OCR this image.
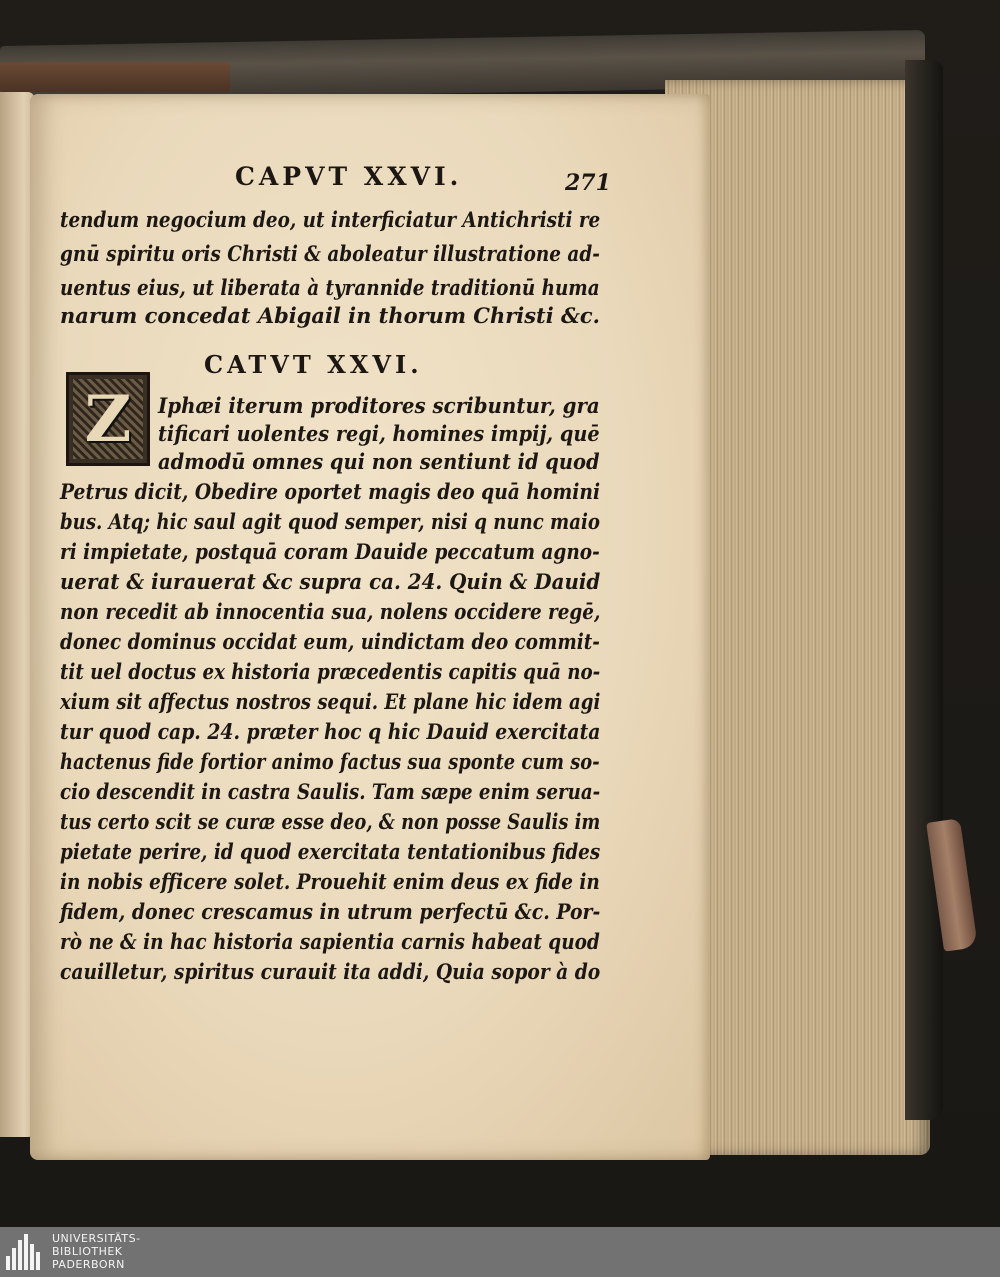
CAPVT XXVI.	271
tendum negocium deo, ut interficiatur Antichristi re
gnū spiritu oris Christi & aboleatur illustratione ad-
uentus eius, ut liberata à tyrannide traditionū huma
narum concedat Abigail in thorum Christi &c.
CATVT XXVI.
Z	Iphæi iterum proditores scribuntur, gra
tificari uolentes regi, homines impij, quē
admodū omnes qui non sentiunt id quod
Petrus dicit, Obedire oportet magis deo quā homini
bus. Atq; hic saul agit quod semper, nisi q nunc maio
ri impietate, postquā coram Dauide peccatum agno-
uerat & iurauerat &c supra ca. 24. Quin & Dauid
non recedit ab innocentia sua, nolens occidere regē,
donec dominus occidat eum, uindictam deo commit-
tit uel doctus ex historia præcedentis capitis quā no-
xium sit affectus nostros sequi. Et plane hic idem agi
tur quod cap. 24. præter hoc q hic Dauid exercitata
hactenus fide fortior animo factus sua sponte cum so-
cio descendit in castra Saulis. Tam sæpe enim serua-
tus certo scit se curæ esse deo, & non posse Saulis im
pietate perire, id quod exercitata tentationibus fides
in nobis efficere solet. Prouehit enim deus ex fide in
fidem, donec crescamus in utrum perfectū &c. Por-
rò ne & in hac historia sapientia carnis habeat quod
cauilletur, spiritus curauit ita addi, Quia sopor à do
UNIVERSITÄTS-
BIBLIOTHEK
PADERBORN
